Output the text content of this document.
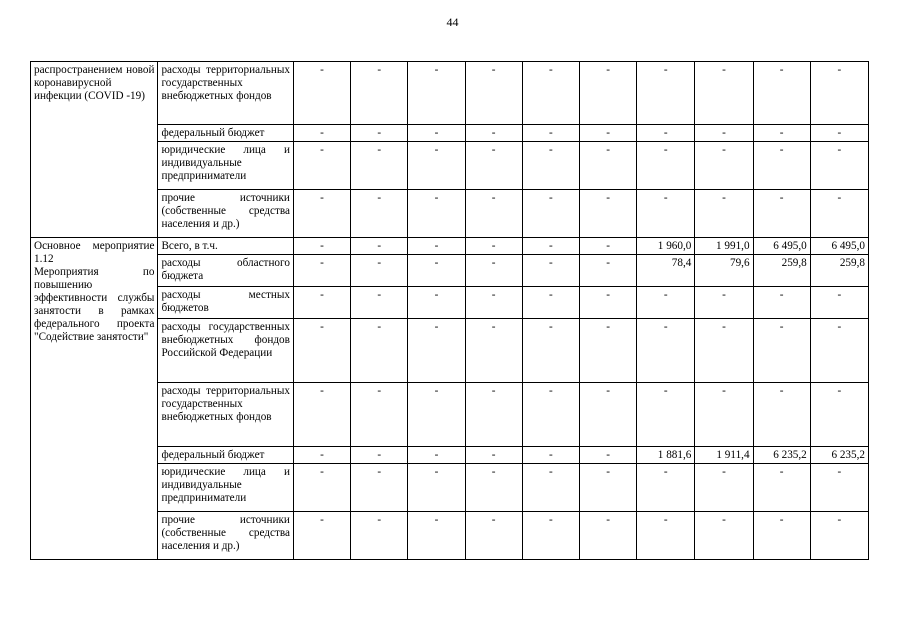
44
распространением новой коронавирусной инфекции (COVID -19)	расходы территориальных государственных внебюджетных фондов	-	-	-	-	-	-	-	-	-	-
	федеральный бюджет	-	-	-	-	-	-	-	-	-	-
	юридические лица и индивидуальные предприниматели	-	-	-	-	-	-	-	-	-	-
	прочие источники (собственные средства населения и др.)	-	-	-	-	-	-	-	-	-	-

Основное мероприятие 1.12
Мероприятия по повышению эффективности службы занятости в рамках федерального проекта "Содействие занятости"	Всего, в т.ч.	-	-	-	-	-	-	1 960,0	1 991,0	6 495,0	6 495,0
	расходы областного бюджета	-	-	-	-	-	-	78,4	79,6	259,8	259,8
	расходы местных бюджетов	-	-	-	-	-	-	-	-	-	-
	расходы государственных внебюджетных фондов Российской Федерации	-	-	-	-	-	-	-	-	-	-
	расходы территориальных государственных внебюджетных фондов	-	-	-	-	-	-	-	-	-	-
	федеральный бюджет	-	-	-	-	-	-	1 881,6	1 911,4	6 235,2	6 235,2
	юридические лица и индивидуальные предприниматели	-	-	-	-	-	-	-	-	-	-
	прочие источники (собственные средства населения и др.)	-	-	-	-	-	-	-	-	-	-
